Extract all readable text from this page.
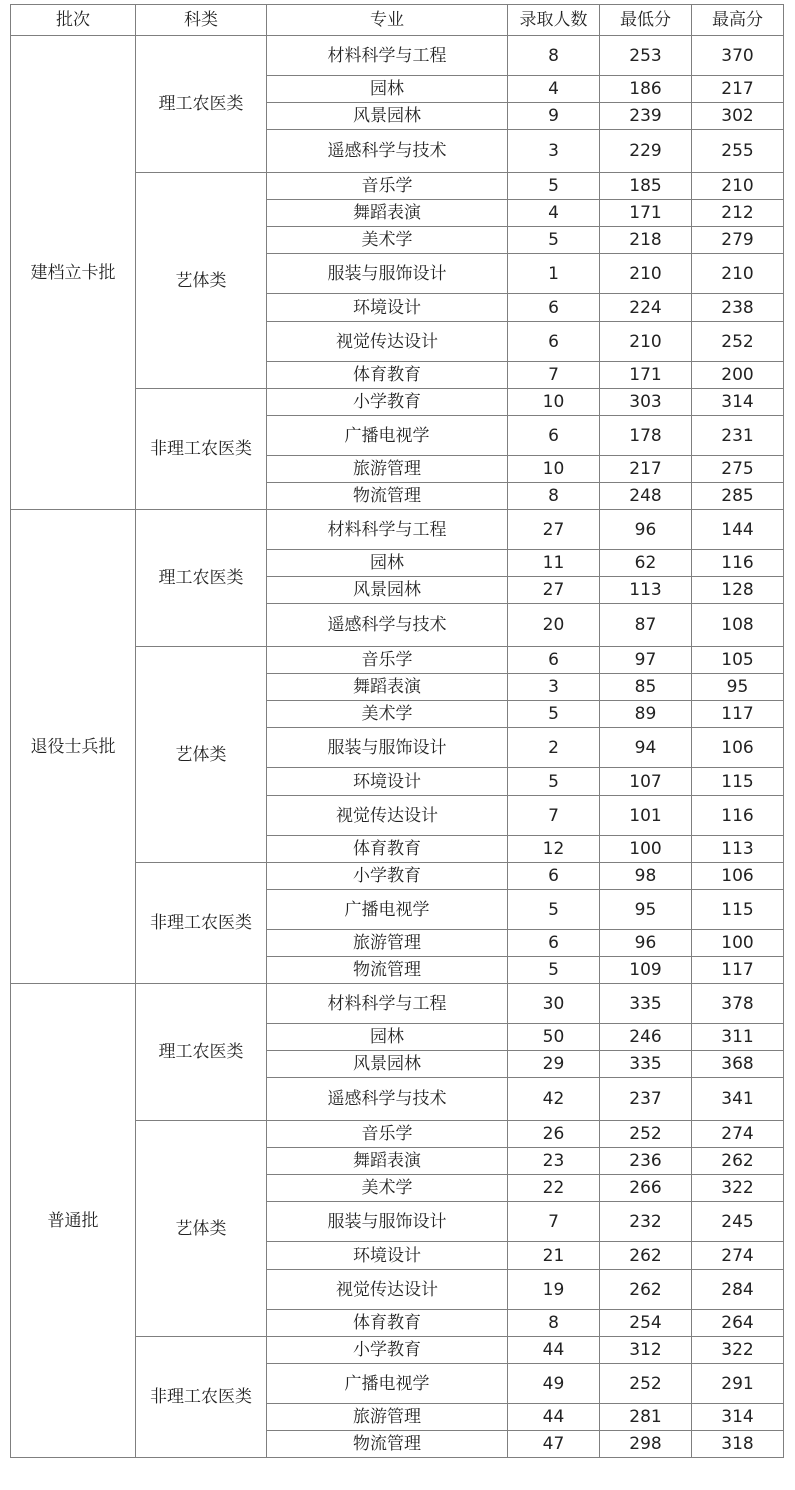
批次	科类	专业	录取人数	最低分	最高分
建档立卡批	理工农医类	材料科学与工程	8	253	370
		园林	4	186	217
		风景园林	9	239	302
		遥感科学与技术	3	229	255
	艺体类	音乐学	5	185	210
		舞蹈表演	4	171	212
		美术学	5	218	279
		服装与服饰设计	1	210	210
		环境设计	6	224	238
		视觉传达设计	6	210	252
		体育教育	7	171	200
	非理工农医类	小学教育	10	303	314
		广播电视学	6	178	231
		旅游管理	10	217	275
		物流管理	8	248	285
退役士兵批	理工农医类	材料科学与工程	27	96	144
		园林	11	62	116
		风景园林	27	113	128
		遥感科学与技术	20	87	108
	艺体类	音乐学	6	97	105
		舞蹈表演	3	85	95
		美术学	5	89	117
		服装与服饰设计	2	94	106
		环境设计	5	107	115
		视觉传达设计	7	101	116
		体育教育	12	100	113
	非理工农医类	小学教育	6	98	106
		广播电视学	5	95	115
		旅游管理	6	96	100
		物流管理	5	109	117
普通批	理工农医类	材料科学与工程	30	335	378
		园林	50	246	311
		风景园林	29	335	368
		遥感科学与技术	42	237	341
	艺体类	音乐学	26	252	274
		舞蹈表演	23	236	262
		美术学	22	266	322
		服装与服饰设计	7	232	245
		环境设计	21	262	274
		视觉传达设计	19	262	284
		体育教育	8	254	264
	非理工农医类	小学教育	44	312	322
		广播电视学	49	252	291
		旅游管理	44	281	314
		物流管理	47	298	318
